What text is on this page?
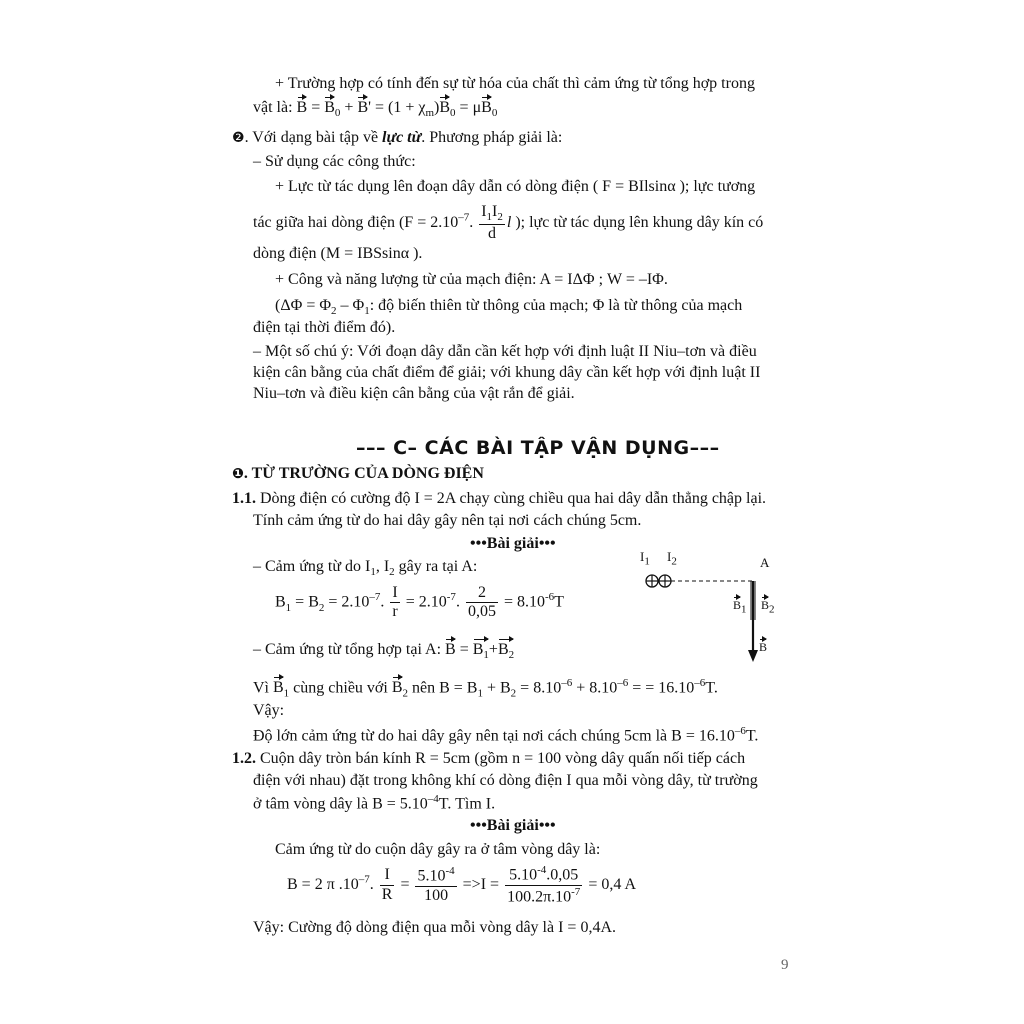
+ Trường hợp có tính đến sự từ hóa của chất thì cảm ứng từ tổng hợp trong
vật là: $B = B_0 + B' = (1 + \chi_m)B_0 = \mu B_0$
❷. Với dạng bài tập về lực từ. Phương pháp giải là:
– Sử dụng các công thức:
+ Lực từ tác dụng lên đoạn dây dẫn có dòng điện ( F = BIlsinα ); lực tương
tác giữa hai dòng điện ($F = 2.10^{-7}$. $\frac{I_1I_2}{d}$ l ); lực từ tác dụng lên khung dây kín có
dòng điện (M = IBSsinα ).
+ Công và năng lượng từ của mạch điện: A = IΔΦ ; W = –IΦ.
($\Delta\Phi = \Phi_2 - \Phi_1$: độ biến thiên từ thông của mạch; Φ là từ thông của mạch
điện tại thời điểm đó).
– Một số chú ý: Với đoạn dây dẫn cần kết hợp với định luật II Niu–tơn và điều
kiện cân bằng của chất điểm để giải; với khung dây cần kết hợp với định luật II
Niu–tơn và điều kiện cân bằng của vật rắn để giải.
––– C– CÁC BÀI TẬP VẬN DỤNG–––
❶. TỪ TRƯỜNG CỦA DÒNG ĐIỆN
1.1. Dòng điện có cường độ I = 2A chạy cùng chiều qua hai dây dẫn thẳng chập lại.
Tính cảm ứng từ do hai dây gây nên tại nơi cách chúng 5cm.
•••Bài giải•••
– Cảm ứng từ do $I_1$, $I_2$ gây ra tại A:
$B_1 = B_2 = 2.10^{-7}$. $\frac{I}{r} = 2.10^{-7}$. $\frac{2}{0,05} = 8.10^{-6}T$
– Cảm ứng từ tổng hợp tại A: $B = B_1+B_2$
Vì $B_1$ cùng chiều với $B_2$ nên $B = B_1 + B_2 = 8.10^{-6} + 8.10^{-6}$ = = $16.10^{-6}T$.
Vậy:
Độ lớn cảm ứng từ do hai dây gây nên tại nơi cách chúng 5cm là $B = 16.10^{-6}T$.
$I_1$ $I_2$	A
$B_1$ $B_2$
B
1.2. Cuộn dây tròn bán kính R = 5cm (gồm n = 100 vòng dây quấn nối tiếp cách
điện với nhau) đặt trong không khí có dòng điện I qua mỗi vòng dây, từ trường
ở tâm vòng dây là $B = 5.10^{-4}T$. Tìm I.
•••Bài giải•••
Cảm ứng từ do cuộn dây gây ra ở tâm vòng dây là:
B = 2 π $.10^{-7}$. $\frac{I}{R} = \frac{5.10^{-4}}{100} =>I = \frac{5.10^{-4}.0,05}{100.2\pi.10^{-7}} = 0,4$ A
Vậy: Cường độ dòng điện qua mỗi vòng dây là I = 0,4A.
9
